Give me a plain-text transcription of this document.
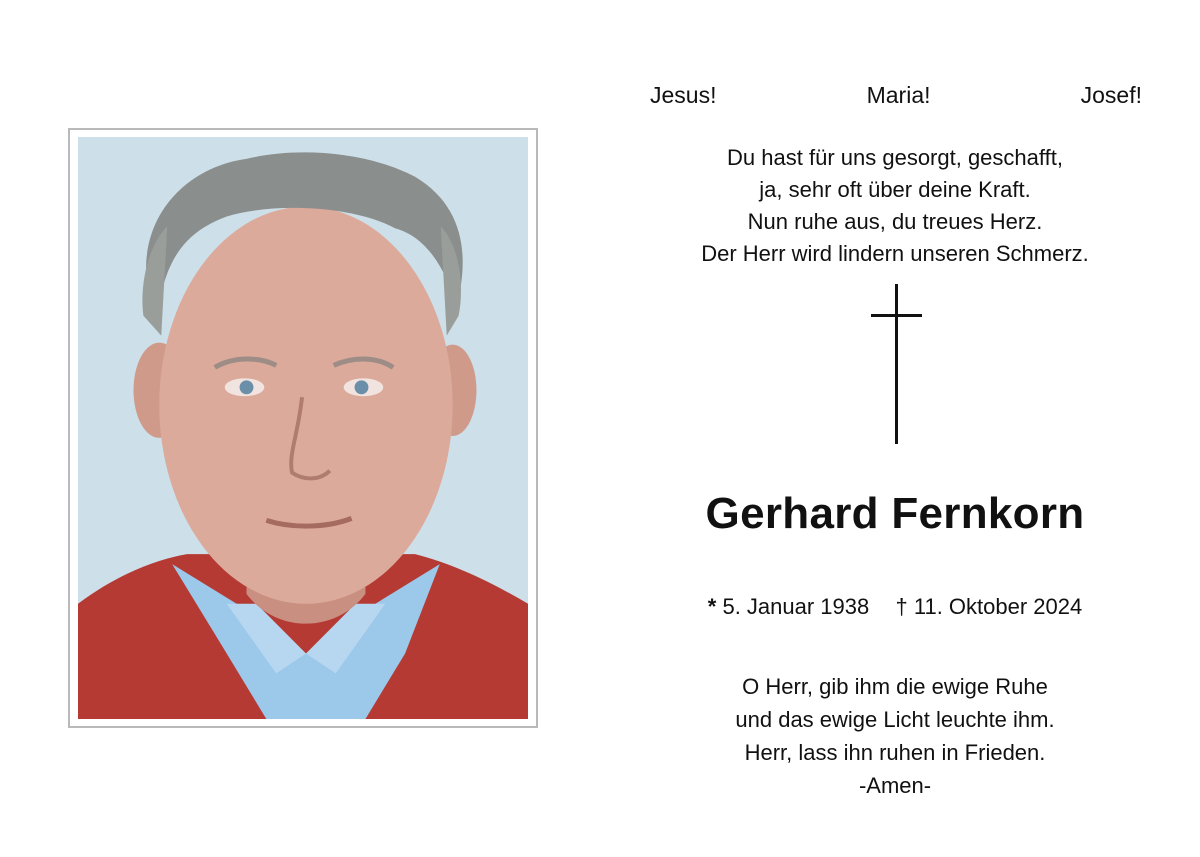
Jesus!	Maria!	Josef!
Du hast für uns gesorgt, geschafft,
ja, sehr oft über deine Kraft.
Nun ruhe aus, du treues Herz.
Der Herr wird lindern unseren Schmerz.
Gerhard Fernkorn
* 5. Januar 1938 † 11. Oktober 2024
O Herr, gib ihm die ewige Ruhe
und das ewige Licht leuchte ihm.
Herr, lass ihn ruhen in Frieden.
-Amen-
